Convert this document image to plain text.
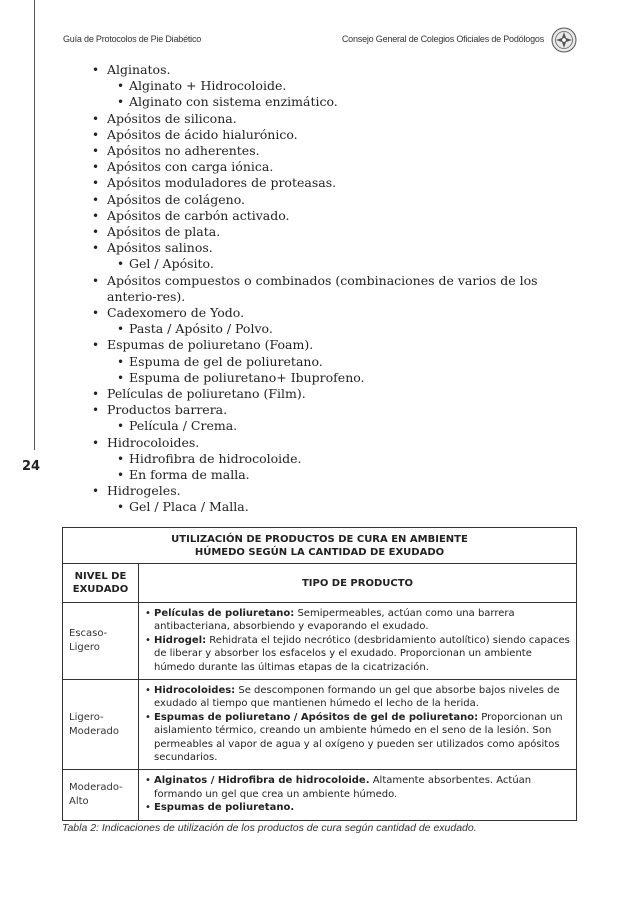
24
Guía de Protocolos de Pie Diabético	Consejo General de Colegios Oficiales de Podólogos
• Alginatos.
• Alginato + Hidrocoloide.
• Alginato con sistema enzimático.
• Apósitos de silicona.
• Apósitos de ácido hialurónico.
• Apósitos no adherentes.
• Apósitos con carga iónica.
• Apósitos moduladores de proteasas.
• Apósitos de colágeno.
• Apósitos de carbón activado.
• Apósitos de plata.
• Apósitos salinos.
• Gel / Apósito.
• Apósitos compuestos o combinados (combinaciones de varios de los anterio-res).
• Cadexomero de Yodo.
• Pasta / Apósito / Polvo.
• Espumas de poliuretano (Foam).
• Espuma de gel de poliuretano.
• Espuma de poliuretano+ Ibuprofeno.
• Películas de poliuretano (Film).
• Productos barrera.
• Película / Crema.
• Hidrocoloides.
• Hidrofibra de hidrocoloide.
• En forma de malla.
• Hidrogeles.
• Gel / Placa / Malla.
UTILIZACIÓN DE PRODUCTOS DE CURA EN AMBIENTE
HÚMEDO SEGÚN LA CANTIDAD DE EXUDADO	

NIVEL DE EXUDADO	TIPO DE PRODUCTO
Escaso-Ligero	• Películas de poliuretano: Semipermeables, actúan como una barrera antibacteriana, absorbiendo y evaporando el exudado.
• Hidrogel: Rehidrata el tejido necrótico (desbridamiento autolítico) siendo capaces de liberar y absorber los esfacelos y el exudado. Proporcionan un ambiente húmedo durante las últimas etapas de la cicatrización.

Ligero-Moderado	• Hidrocoloides: Se descomponen formando un gel que absorbe bajos niveles de exudado al tiempo que mantienen húmedo el lecho de la herida.
• Espumas de poliuretano / Apósitos de gel de poliuretano: Proporcionan un aislamiento térmico, creando un ambiente húmedo en el seno de la lesión. Son permeables al vapor de agua y al oxígeno y pueden ser utilizados como apósitos secundarios.

Moderado-Alto	• Alginatos / Hidrofibra de hidrocoloide. Altamente absorbentes. Actúan formando un gel que crea un ambiente húmedo.
• Espumas de poliuretano.
Tabla 2: Indicaciones de utilización de los productos de cura según cantidad de exudado.
